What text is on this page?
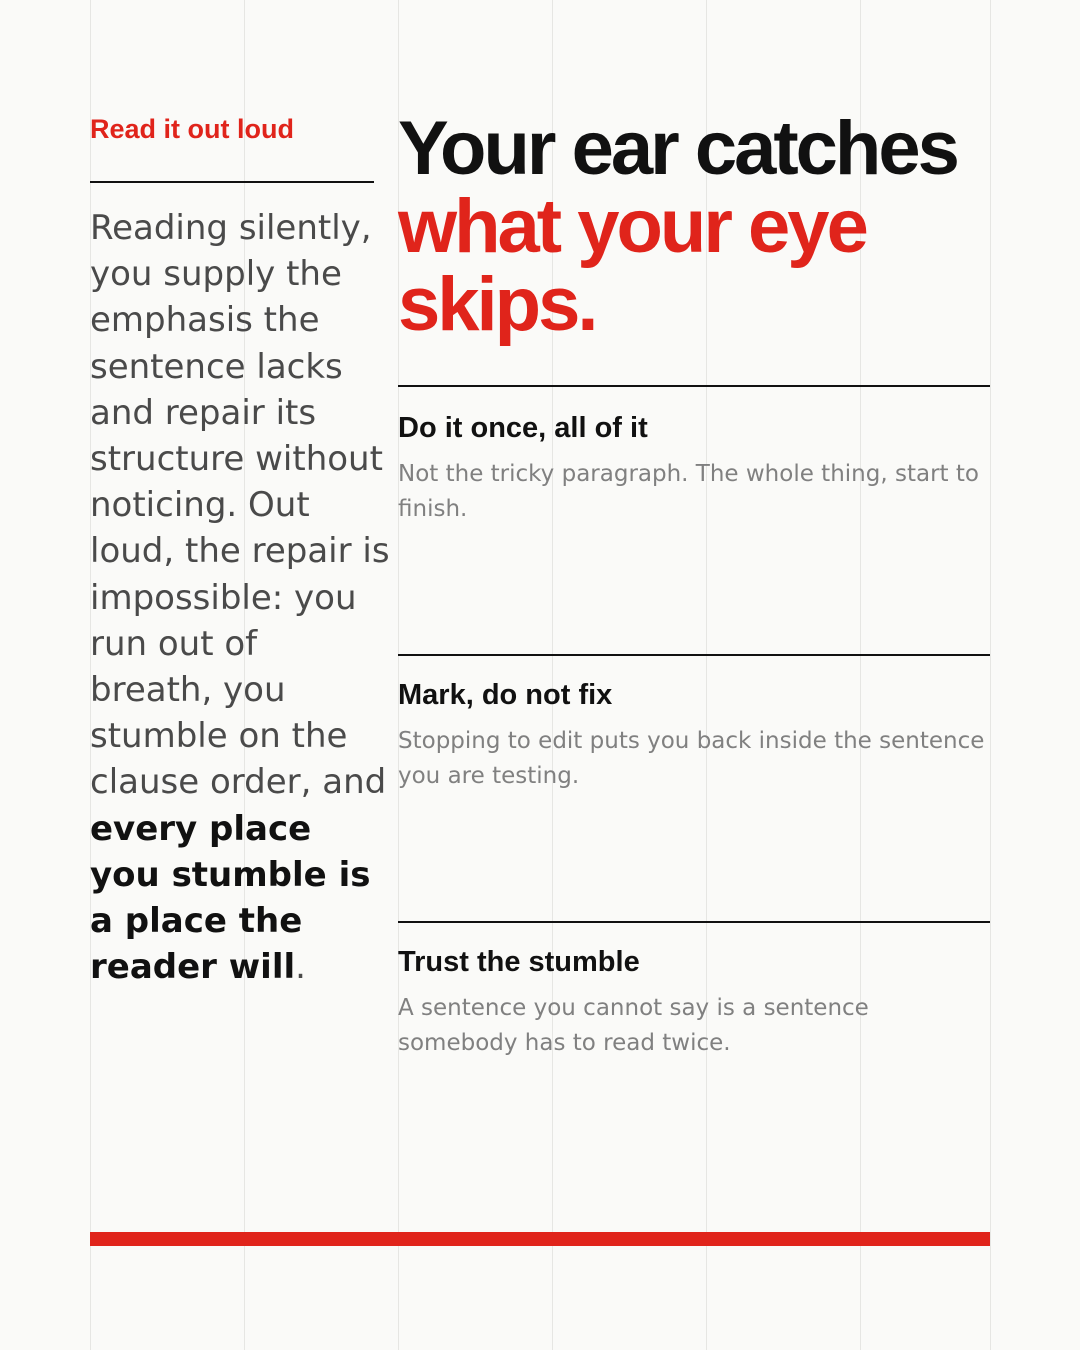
Read it out loud

Reading silently, you supply the emphasis the sentence lacks and repair its structure without noticing. Out loud, the repair is impossible: you run out of breath, you stumble on the clause order, and every place you stumble is a place the reader will.

Your ear catches
what your eye skips.
Do it once, all of it

Not the tricky paragraph. The whole thing, start to finish.

Mark, do not fix

Stopping to edit puts you back inside the sentence you are testing.

Trust the stumble

A sentence you cannot say is a sentence somebody has to read twice.
